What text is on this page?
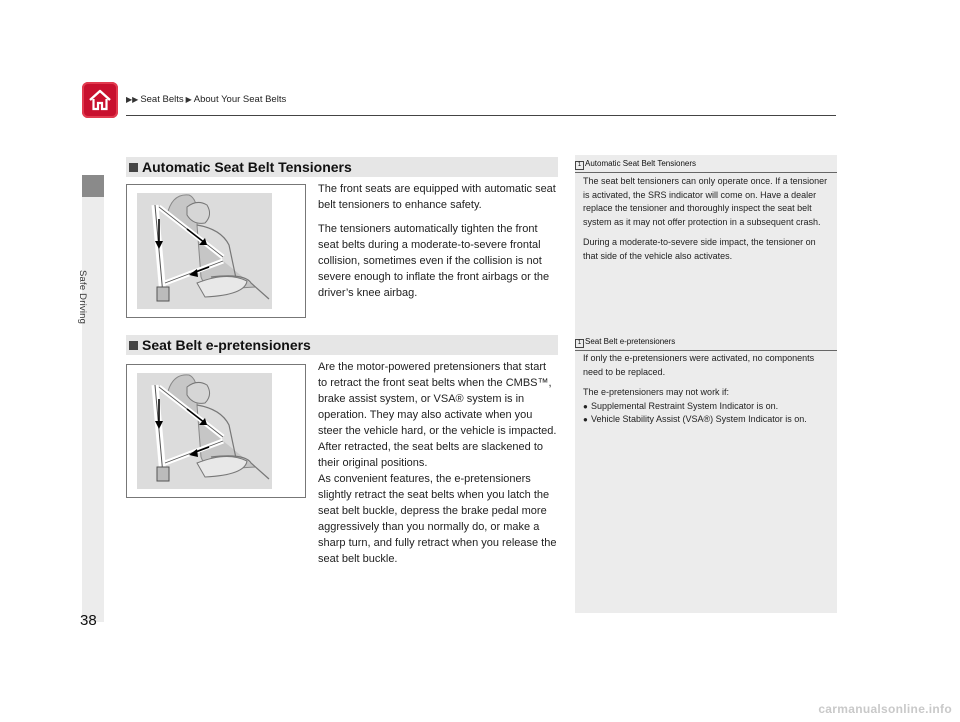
▶▶ Seat Belts ▶ About Your Seat Belts
Safe Driving
Automatic Seat Belt Tensioners

The front seats are equipped with automatic seat belt tensioners to enhance safety.

The tensioners automatically tighten the front seat belts during a moderate-to-severe frontal collision, sometimes even if the collision is not severe enough to inflate the front airbags or the driver’s knee airbag.

Seat Belt e-pretensioners

Are the motor-powered pretensioners that start to retract the front seat belts when the CMBS™, brake assist system, or VSA® system is in operation. They may also activate when you steer the vehicle hard, or the vehicle is impacted. After retracted, the seat belts are slackened to their original positions.

As convenient features, the e-pretensioners slightly retract the seat belts when you latch the seat belt buckle, depress the brake pedal more aggressively than you normally do, or make a sharp turn, and fully retract when you release the seat belt buckle.

1 Automatic Seat Belt Tensioners

The seat belt tensioners can only operate once. If a tensioner is activated, the SRS indicator will come on. Have a dealer replace the tensioner and thoroughly inspect the seat belt system as it may not offer protection in a subsequent crash.

During a moderate-to-severe side impact, the tensioner on that side of the vehicle also activates.

1 Seat Belt e-pretensioners

If only the e-pretensioners were activated, no components need to be replaced.

The e-pretensioners may not work if:

● Supplemental Restraint System Indicator is on.
● Vehicle Stability Assist (VSA®) System Indicator is on.
38
carmanualsonline.info
